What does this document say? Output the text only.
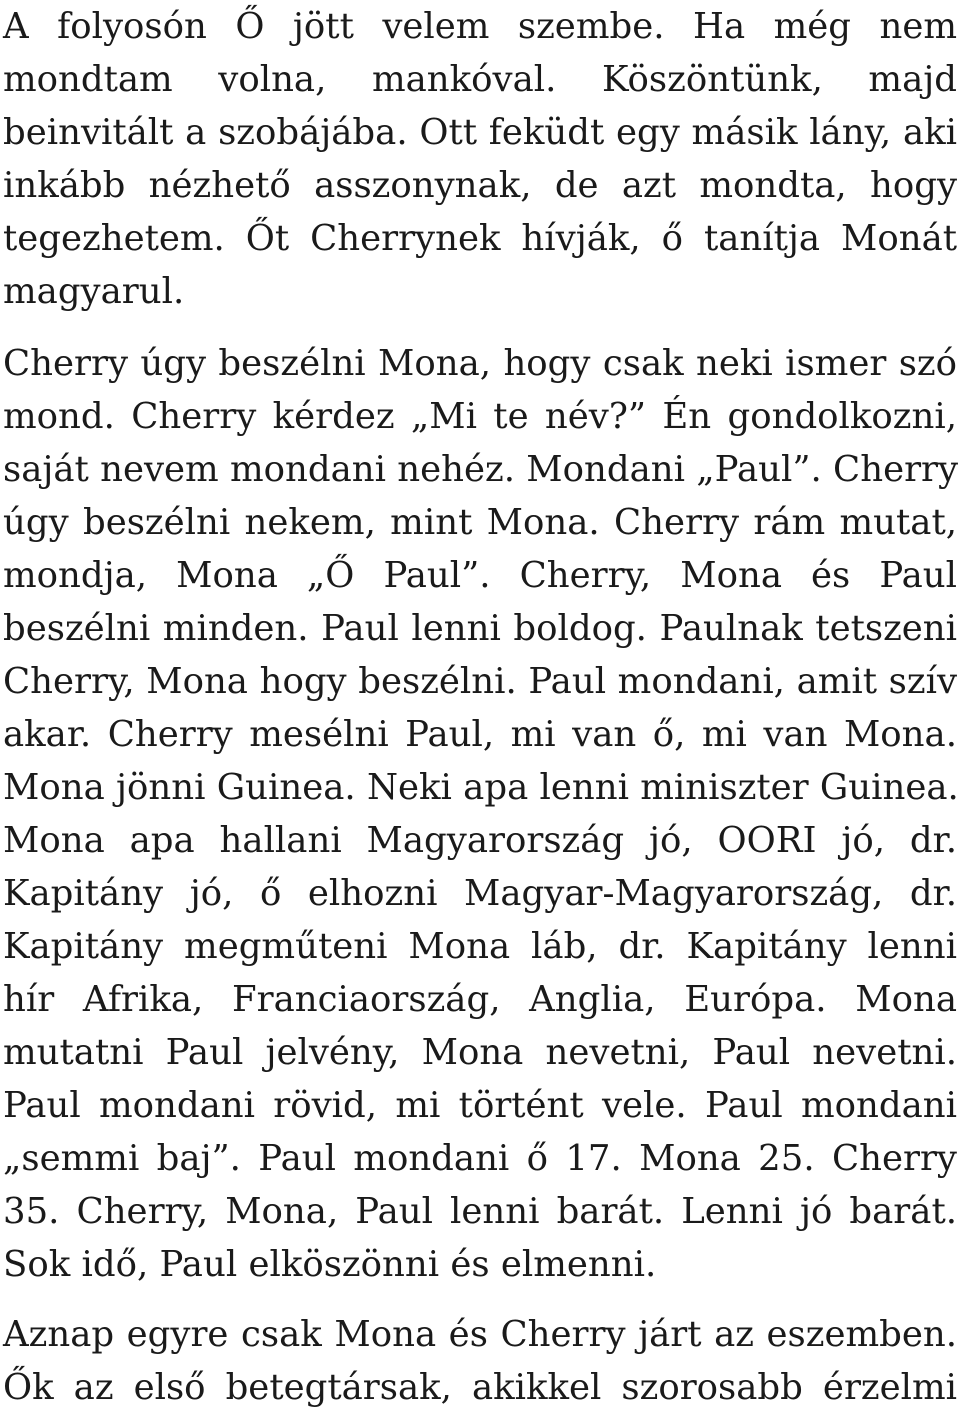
A folyosón Ő jött velem szembe. Ha még nem
mondtam volna, mankóval. Köszöntünk, majd
beinvitált a szobájába. Ott feküdt egy másik lány, aki
inkább nézhető asszonynak, de azt mondta, hogy
tegezhetem. Őt Cherrynek hívják, ő tanítja Monát
magyarul.
Cherry úgy beszélni Mona, hogy csak neki ismer szó
mond. Cherry kérdez „Mi te név?” Én gondolkozni,
saját nevem mondani nehéz. Mondani „Paul”. Cherry
úgy beszélni nekem, mint Mona. Cherry rám mutat,
mondja, Mona „Ő Paul”. Cherry, Mona és Paul
beszélni minden. Paul lenni boldog. Paulnak tetszeni
Cherry, Mona hogy beszélni. Paul mondani, amit szív
akar. Cherry mesélni Paul, mi van ő, mi van Mona.
Mona jönni Guinea. Neki apa lenni miniszter Guinea.
Mona apa hallani Magyarország jó, OORI jó, dr.
Kapitány jó, ő elhozni Magyar-Magyarország, dr.
Kapitány megműteni Mona láb, dr. Kapitány lenni
hír Afrika, Franciaország, Anglia, Európa. Mona
mutatni Paul jelvény, Mona nevetni, Paul nevetni.
Paul mondani rövid, mi történt vele. Paul mondani
„semmi baj”. Paul mondani ő 17. Mona 25. Cherry
35. Cherry, Mona, Paul lenni barát. Lenni jó barát.
Sok idő, Paul elköszönni és elmenni.
Aznap egyre csak Mona és Cherry járt az eszemben.
Ők az első betegtársak, akikkel szorosabb érzelmi
